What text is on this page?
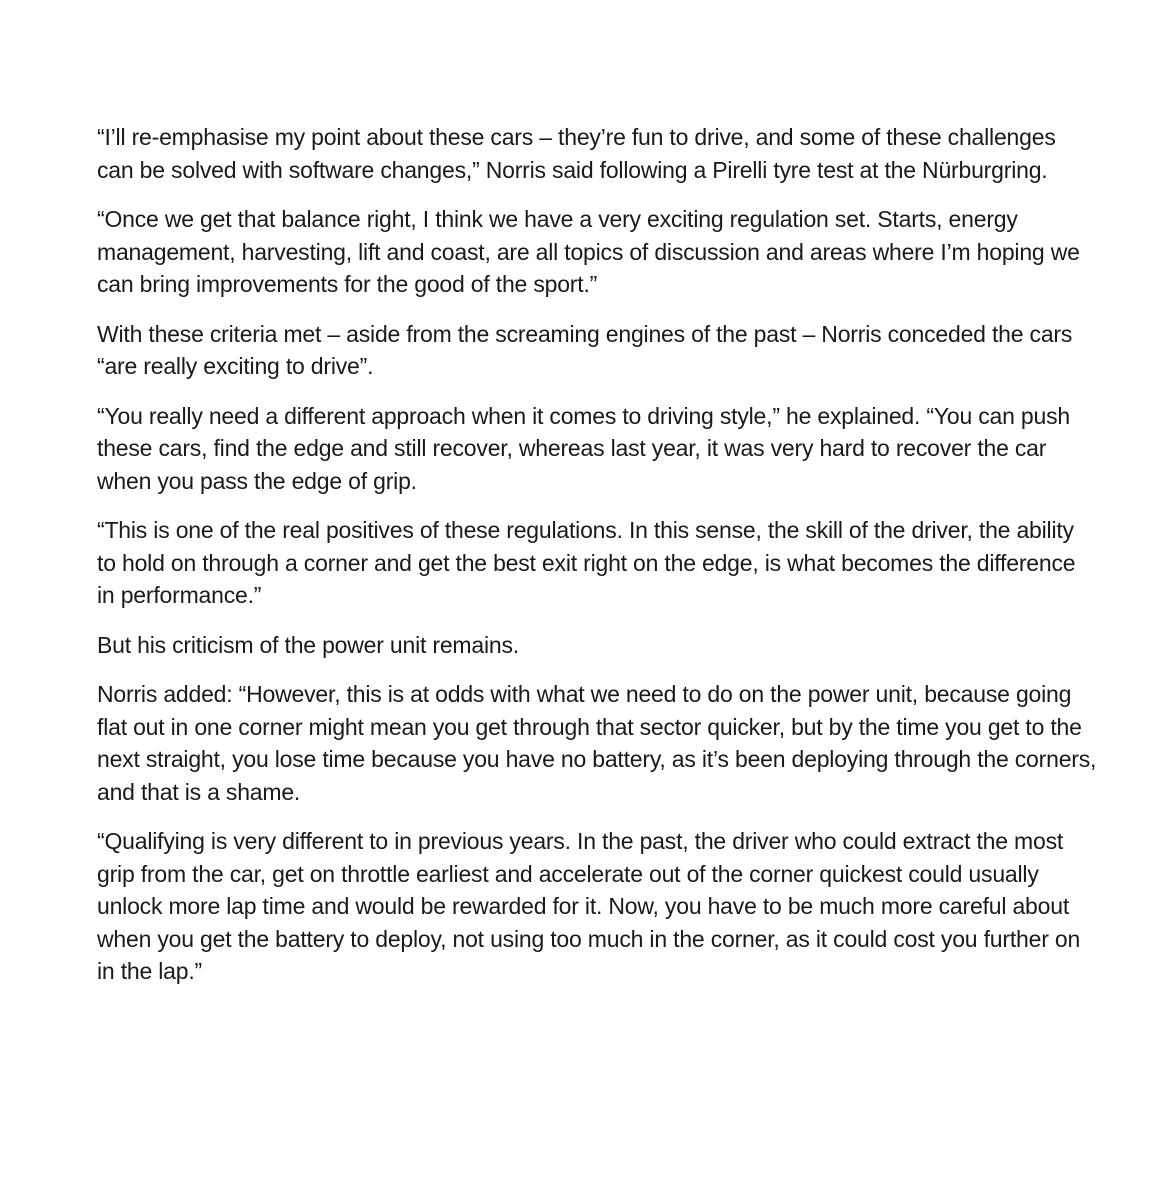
“I’ll re-emphasise my point about these cars – they’re fun to drive, and some of these challenges can be solved with software changes,” Norris said following a Pirelli tyre test at the Nürburgring.

“Once we get that balance right, I think we have a very exciting regulation set. Starts, energy management, harvesting, lift and coast, are all topics of discussion and areas where I’m hoping we can bring improvements for the good of the sport.”

With these criteria met – aside from the screaming engines of the past – Norris conceded the cars “are really exciting to drive”.

“You really need a different approach when it comes to driving style,” he explained. “You can push these cars, find the edge and still recover, whereas last year, it was very hard to recover the car when you pass the edge of grip.

“This is one of the real positives of these regulations. In this sense, the skill of the driver, the ability to hold on through a corner and get the best exit right on the edge, is what becomes the difference in performance.”

But his criticism of the power unit remains.

Norris added: “However, this is at odds with what we need to do on the power unit, because going flat out in one corner might mean you get through that sector quicker, but by the time you get to the next straight, you lose time because you have no battery, as it’s been deploying through the corners, and that is a shame.

“Qualifying is very different to in previous years. In the past, the driver who could extract the most grip from the car, get on throttle earliest and accelerate out of the corner quickest could usually unlock more lap time and would be rewarded for it. Now, you have to be much more careful about when you get the battery to deploy, not using too much in the corner, as it could cost you further on in the lap.”
